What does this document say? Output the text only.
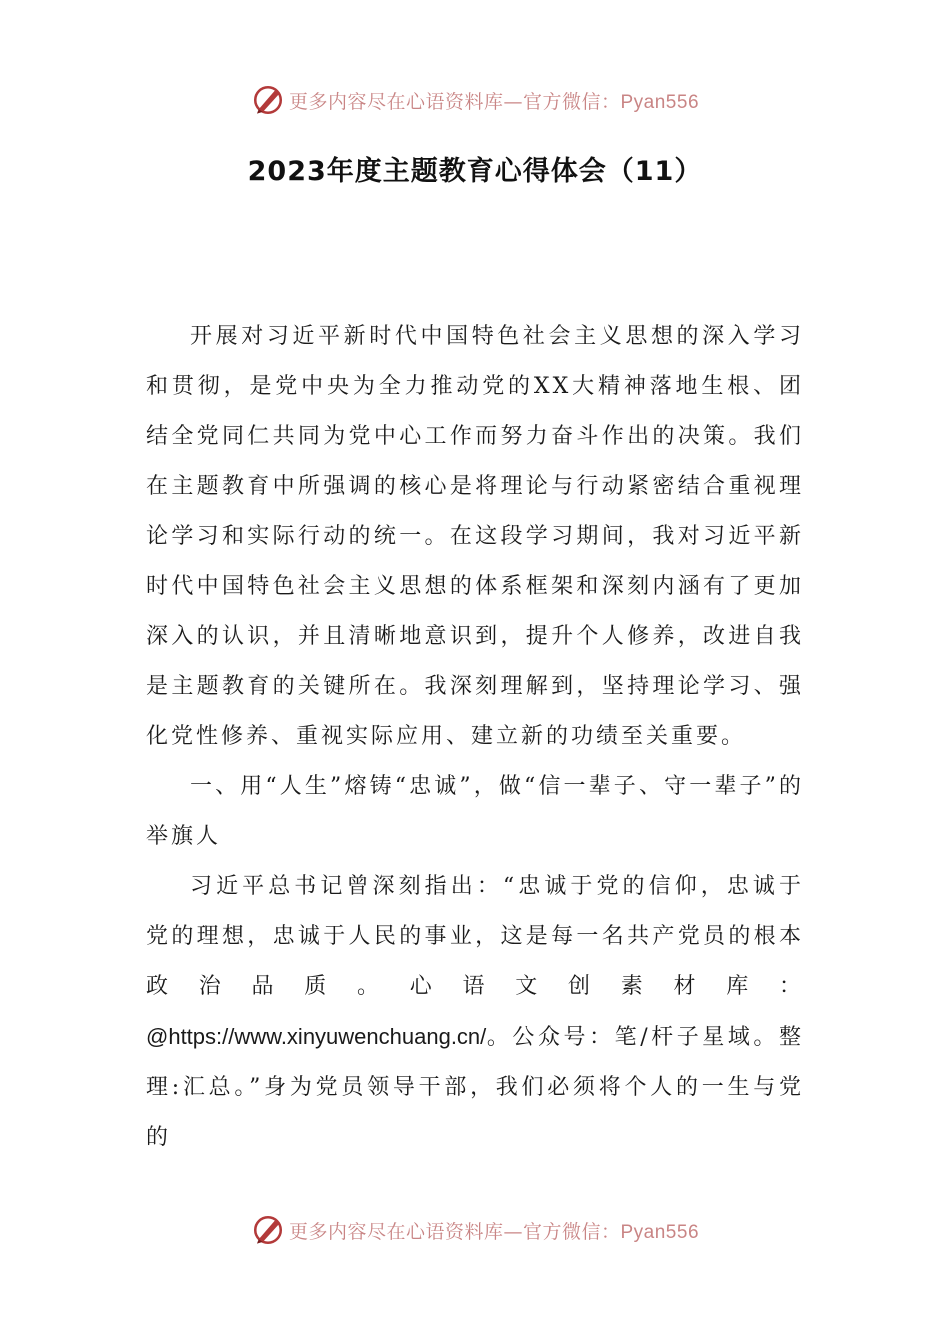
更多内容尽在心语资料库—官方微信：Pyan556
2023年度主题教育心得体会（11）

开展对习近平新时代中国特色社会主义思想的深入学习和贯彻，是党中央为全力推动党的XX大精神落地生根、团结全党同仁共同为党中心工作而努力奋斗作出的决策。我们在主题教育中所强调的核心是将理论与行动紧密结合重视理论学习和实际行动的统一。在这段学习期间，我对习近平新时代中国特色社会主义思想的体系框架和深刻内涵有了更加深入的认识，并且清晰地意识到，提升个人修养，改进自我是主题教育的关键所在。我深刻理解到，坚持理论学习、强化党性修养、重视实际应用、建立新的功绩至关重要。

一、用“人生”熔铸“忠诚”，做“信一辈子、守一辈子”的举旗人

习近平总书记曾深刻指出：“忠诚于党的信仰，忠诚于党的理想，忠诚于人民的事业，这是每一名共产党员的根本政治品质。心语文创素材库：@https://www.xinyuwenchuang.cn/。公众号：笔/杆子星域。整理:汇总。”身为党员领导干部，我们必须将个人的一生与党的

更多内容尽在心语资料库—官方微信：Pyan556
